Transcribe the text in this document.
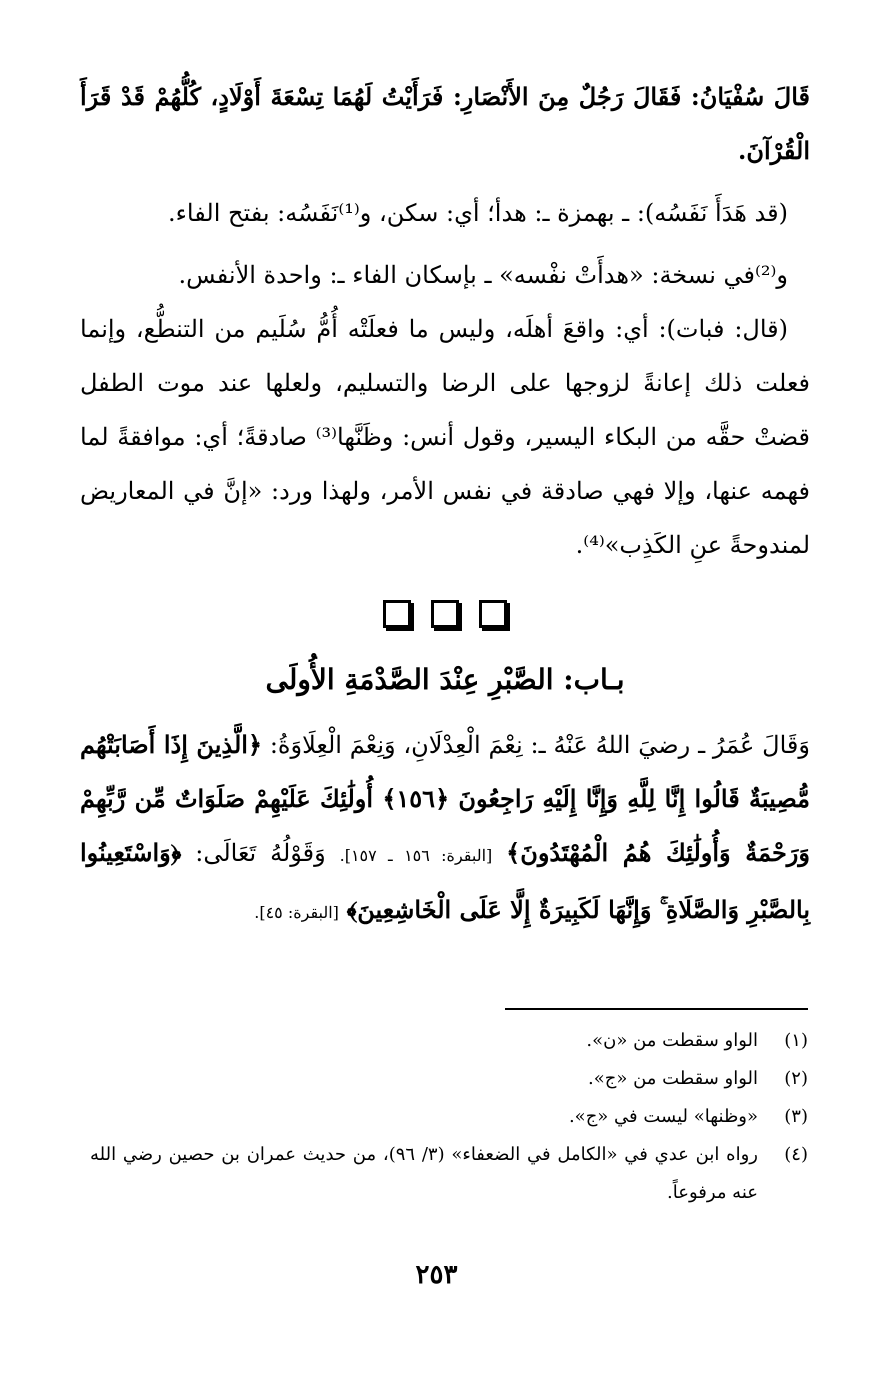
قَالَ سُفْيَانُ: فَقَالَ رَجُلٌ مِنَ الأَنْصَارِ: فَرَأَيْتُ لَهُمَا تِسْعَةَ أَوْلَادٍ، كُلُّهُمْ قَدْ قَرَأَ الْقُرْآنَ.

(قد هَدَأَ نَفَسُه): ـ بهمزة ـ: هدأ؛ أي: سكن، و⁽¹⁾نَفَسُه: بفتح الفاء.

و⁽²⁾في نسخة: «هدأَتْ نفْسه» ـ بإسكان الفاء ـ: واحدة الأنفس.

(قال: فبات): أي: واقعَ أهلَه، وليس ما فعلَتْه أُمُّ سُلَيم من التنطُّع، وإنما فعلت ذلك إعانةً لزوجها على الرضا والتسليم، ولعلها عند موت الطفل قضتْ حقَّه من البكاء اليسير، وقول أنس: وظَنَّها⁽³⁾ صادقةً؛ أي: موافقةً لما فهمه عنها، وإلا فهي صادقة في نفس الأمر، ولهذا ورد: «إنَّ في المعاريض لمندوحةً عنِ الكَذِب»⁽⁴⁾.

بـاب: الصَّبْرِ عِنْدَ الصَّدْمَةِ الأُولَى

وَقَالَ عُمَرُ ـ رضيَ اللهُ عَنْهُ ـ: نِعْمَ الْعِدْلَانِ، وَنِعْمَ الْعِلَاوَةُ: ﴿الَّذِينَ إِذَا أَصَابَتْهُم مُّصِيبَةٌ قَالُوا إِنَّا لِلَّهِ وَإِنَّا إِلَيْهِ رَاجِعُونَ ﴿١٥٦﴾ أُولَٰئِكَ عَلَيْهِمْ صَلَوَاتٌ مِّن رَّبِّهِمْ وَرَحْمَةٌ وَأُولَٰئِكَ هُمُ الْمُهْتَدُونَ﴾ [البقرة: ١٥٦ ـ ١٥٧]. وَقَوْلُهُ تَعَالَى: ﴿وَاسْتَعِينُوا بِالصَّبْرِ وَالصَّلَاةِ ۚ وَإِنَّهَا لَكَبِيرَةٌ إِلَّا عَلَى الْخَاشِعِينَ﴾ [البقرة: ٤٥].

(١)
الواو سقطت من «ن».
(٢)
الواو سقطت من «ج».
(٣)
«وظنها» ليست في «ج».
(٤)
رواه ابن عدي في «الكامل في الضعفاء» (٣/ ٩٦)، من حديث عمران بن حصين رضي الله عنه مرفوعاً.
٢٥٣
